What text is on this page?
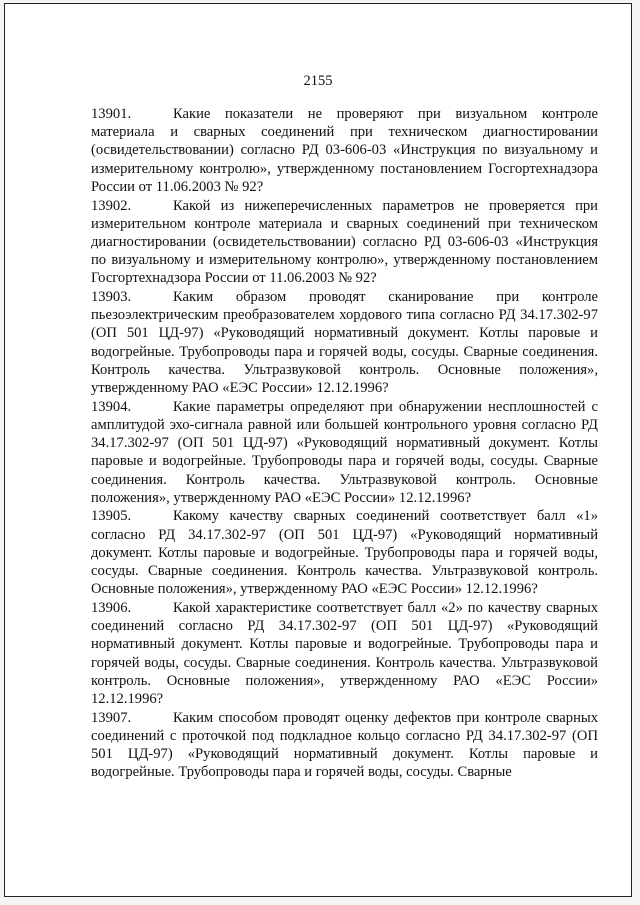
2155

13901.	Какие показатели не проверяют при визуальном контроле материала и сварных соединений при техническом диагностировании (освидетельствовании) согласно РД 03-606-03 «Инструкция по визуальному и измерительному контролю», утвержденному постановлением Госгортехнадзора России от 11.06.2003 № 92?

13902.	Какой из нижеперечисленных параметров не проверяется при измерительном контроле материала и сварных соединений при техническом диагностировании (освидетельствовании) согласно РД 03-606-03 «Инструкция по визуальному и измерительному контролю», утвержденному постановлением Госгортехнадзора России от 11.06.2003 № 92?

13903.	Каким образом проводят сканирование при контроле пьезоэлектрическим преобразователем хордового типа согласно РД 34.17.302-97 (ОП 501 ЦД-97) «Руководящий нормативный документ. Котлы паровые и водогрейные. Трубопроводы пара и горячей воды, сосуды. Сварные соединения. Контроль качества. Ультразвуковой контроль. Основные положения», утвержденному РАО «ЕЭС России» 12.12.1996?

13904.	Какие параметры определяют при обнаружении несплошностей с амплитудой эхо-сигнала равной или большей контрольного уровня согласно РД 34.17.302-97 (ОП 501 ЦД-97) «Руководящий нормативный документ. Котлы паровые и водогрейные. Трубопроводы пара и горячей воды, сосуды. Сварные соединения. Контроль качества. Ультразвуковой контроль. Основные положения», утвержденному РАО «ЕЭС России» 12.12.1996?

13905.	Какому качеству сварных соединений соответствует балл «1» согласно РД 34.17.302-97 (ОП 501 ЦД-97) «Руководящий нормативный документ. Котлы паровые и водогрейные. Трубопроводы пара и горячей воды, сосуды. Сварные соединения. Контроль качества. Ультразвуковой контроль. Основные положения», утвержденному РАО «ЕЭС России» 12.12.1996?

13906.	Какой характеристике соответствует балл «2» по качеству сварных соединений согласно РД 34.17.302-97 (ОП 501 ЦД-97) «Руководящий нормативный документ. Котлы паровые и водогрейные. Трубопроводы пара и горячей воды, сосуды. Сварные соединения. Контроль качества. Ультразвуковой контроль. Основные положения», утвержденному РАО «ЕЭС России» 12.12.1996?

13907.	Каким способом проводят оценку дефектов при контроле сварных соединений с проточкой под подкладное кольцо согласно РД 34.17.302-97 (ОП 501 ЦД-97) «Руководящий нормативный документ. Котлы паровые и водогрейные. Трубопроводы пара и горячей воды, сосуды. Сварные
